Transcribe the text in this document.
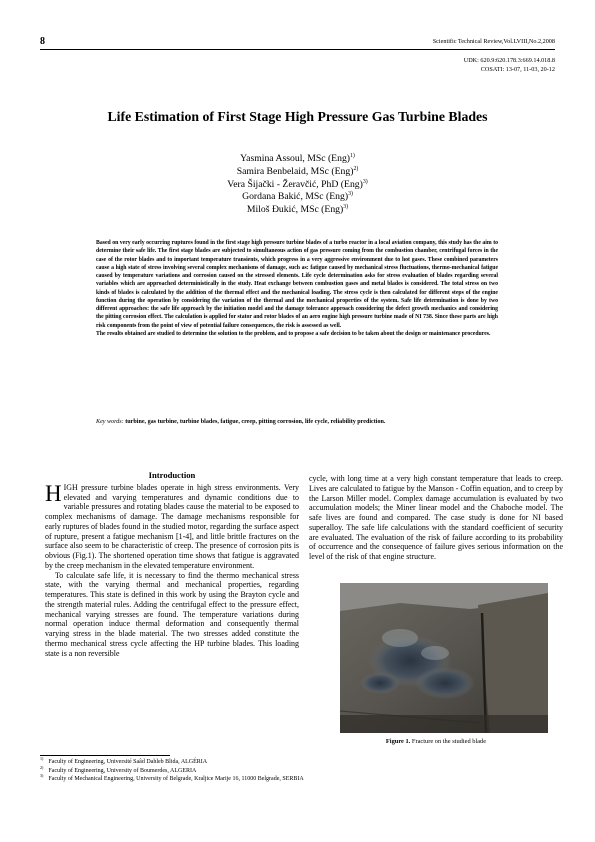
8	Scientific Technical Review,Vol.LVIII,No.2,2008
UDK: 620.9:620.178.3:669.14.018.8
COSATI: 13-07, 11-03, 20-12
Life Estimation of First Stage High Pressure Gas Turbine Blades
Yasmina Assoul, MSc (Eng)$^{1)}$
Samira Benbelaid, MSc (Eng)$^{2)}$
Vera Šijački - Žeravčić, PhD (Eng)$^{3)}$
Gordana Bakić, MSc (Eng)$^{3)}$
Miloš Đukić, MSc (Eng)$^{3)}$

Based on very early occurring ruptures found in the first stage high pressure turbine blades of a turbo reactor in a local aviation company, this study has the aim to determine their safe life. The first stage blades are subjected to simultaneous action of gas pressure coming from the combustion chamber, centrifugal forces in the case of the rotor blades and to important temperature transients, which progress in a very aggressive environment due to hot gases. These combined parameters cause a high state of stress involving several complex mechanisms of damage, such as: fatigue caused by mechanical stress fluctuations, thermo-mechanical fatigue caused by temperature variations and corrosion caused on the stressed elements. Life cycle determination asks for stress evaluation of blades regarding several variables which are approached deterministically in the study. Heat exchange between combustion gases and metal blades is considered. The total stress on two kinds of blades is calculated by the addition of the thermal effect and the mechanical loading. The stress cycle is then calculated for different steps of the engine function during the operation by considering the variation of the thermal and the mechanical properties of the system. Safe life determination is done by two different approaches: the safe life approach by the initiation model and the damage tolerance approach considering the defect growth mechanics and considering the pitting corrosion effect. The calculation is applied for stator and rotor blades of an aero engine high pressure turbine made of NI 738. Since these parts are high risk components from the point of view of potential failure consequences, the risk is assessed as well.

The results obtained are studied to determine the solution to the problem, and to propose a safe decision to be taken about the design or maintenance procedures.

Key words: turbine, gas turbine, turbine blades, fatigue, creep, pitting corrosion, life cycle, reliability prediction.

Introduction

HIGH pressure turbine blades operate in high stress environments. Very elevated and varying temperatures and dynamic conditions due to variable pressures and rotating blades cause the material to be exposed to complex mechanisms of damage. The damage mechanisms responsible for early ruptures of blades found in the studied motor, regarding the surface aspect of rupture, present a fatigue mechanism [1-4], and little brittle fractures on the surface also seem to be characteristic of creep. The presence of corrosion pits is obvious (Fig.1). The shortened operation time shows that fatigue is aggravated by the creep mechanism in the elevated temperature environment.

To calculate safe life, it is necessary to find the thermo mechanical stress state, with the varying thermal and mechanical properties, regarding temperatures. This state is defined in this work by using the Brayton cycle and the strength material rules. Adding the centrifugal effect to the pressure effect, mechanical varying stresses are found. The temperature variations during normal operation induce thermal deformation and consequently thermal varying stress in the blade material. The two stresses added constitute the thermo mechanical stress cycle affecting the HP turbine blades. This loading state is a non reversible

cycle, with long time at a very high constant temperature that leads to creep. Lives are calculated to fatigue by the Manson - Coffin equation, and to creep by the Larson Miller model. Complex damage accumulation is evaluated by two accumulation models; the Miner linear model and the Chaboche model. The safe lives are found and compared. The case study is done for NI based superalloy. The safe life calculations with the standard coefficient of security are evaluated. The evaluation of the risk of failure according to its probability of occurrence and the consequence of failure gives serious information on the level of the risk of that engine structure.

Figure 1. Fracture on the studied blade
$^{1)}$Faculty of Engineering, Université Saâd Dahleb Blida, ALGÉRIA
$^{2)}$Faculty of Engineering, University of Boumerdes, ALGERIA
$^{3)}$Faculty of Mechanical Engineering, University of Belgrade, Kraljice Marije 16, 11000 Belgrade, SERBIA
